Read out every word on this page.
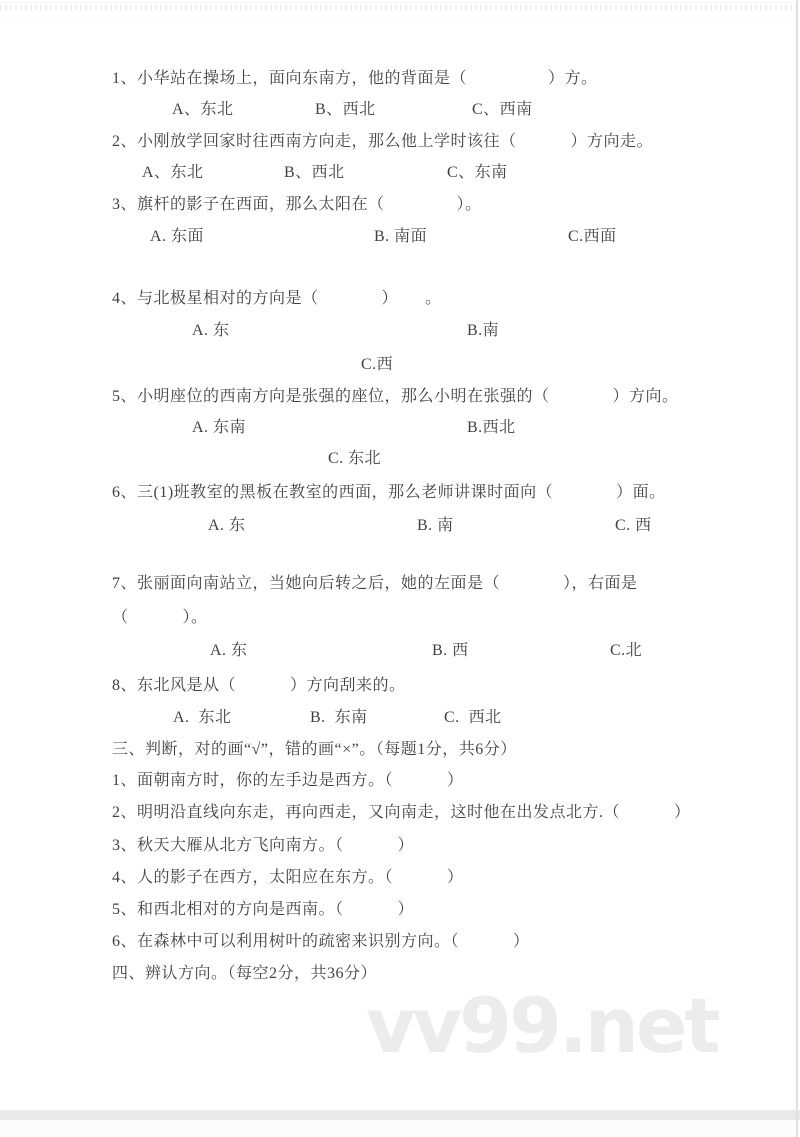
1、小华站在操场上，面向东南方，他的背面是（                  ）方。
A、东北	B、西北	C、西南
2、小刚放学回家时往西南方向走，那么他上学时该往（            ）方向走。
A、东北	B、西北	C、东南
3、旗杆的影子在西面，那么太阳在（                ）。
A. 东面	B. 南面	C.西面
4、与北极星相对的方向是（              ）      。
A. 东	B.南
C.西
5、小明座位的西南方向是张强的座位，那么小明在张强的（              ）方向。
A. 东南	B.西北
C. 东北
6、三(1)班教室的黑板在教室的西面，那么老师讲课时面向（              ）面。
A. 东	B. 南	C. 西
7、张丽面向南站立，当她向后转之后，她的左面是（              ），右面是
（            ）。
A. 东	B. 西	C.北
8、东北风是从（            ）方向刮来的。
A.  东北	B.  东南	C.  西北
三、判断，对的画“√”，错的画“×”。（每题1分，共6分）
1、面朝南方时，你的左手边是西方。（            ）
2、明明沿直线向东走，再向西走，又向南走，这时他在出发点北方.（            ）
3、秋天大雁从北方飞向南方。（            ）
4、人的影子在西方，太阳应在东方。（            ）
5、和西北相对的方向是西南。（            ）
6、在森林中可以利用树叶的疏密来识别方向。（            ）
四、辨认方向。（每空2分，共36分）
vv99.net
